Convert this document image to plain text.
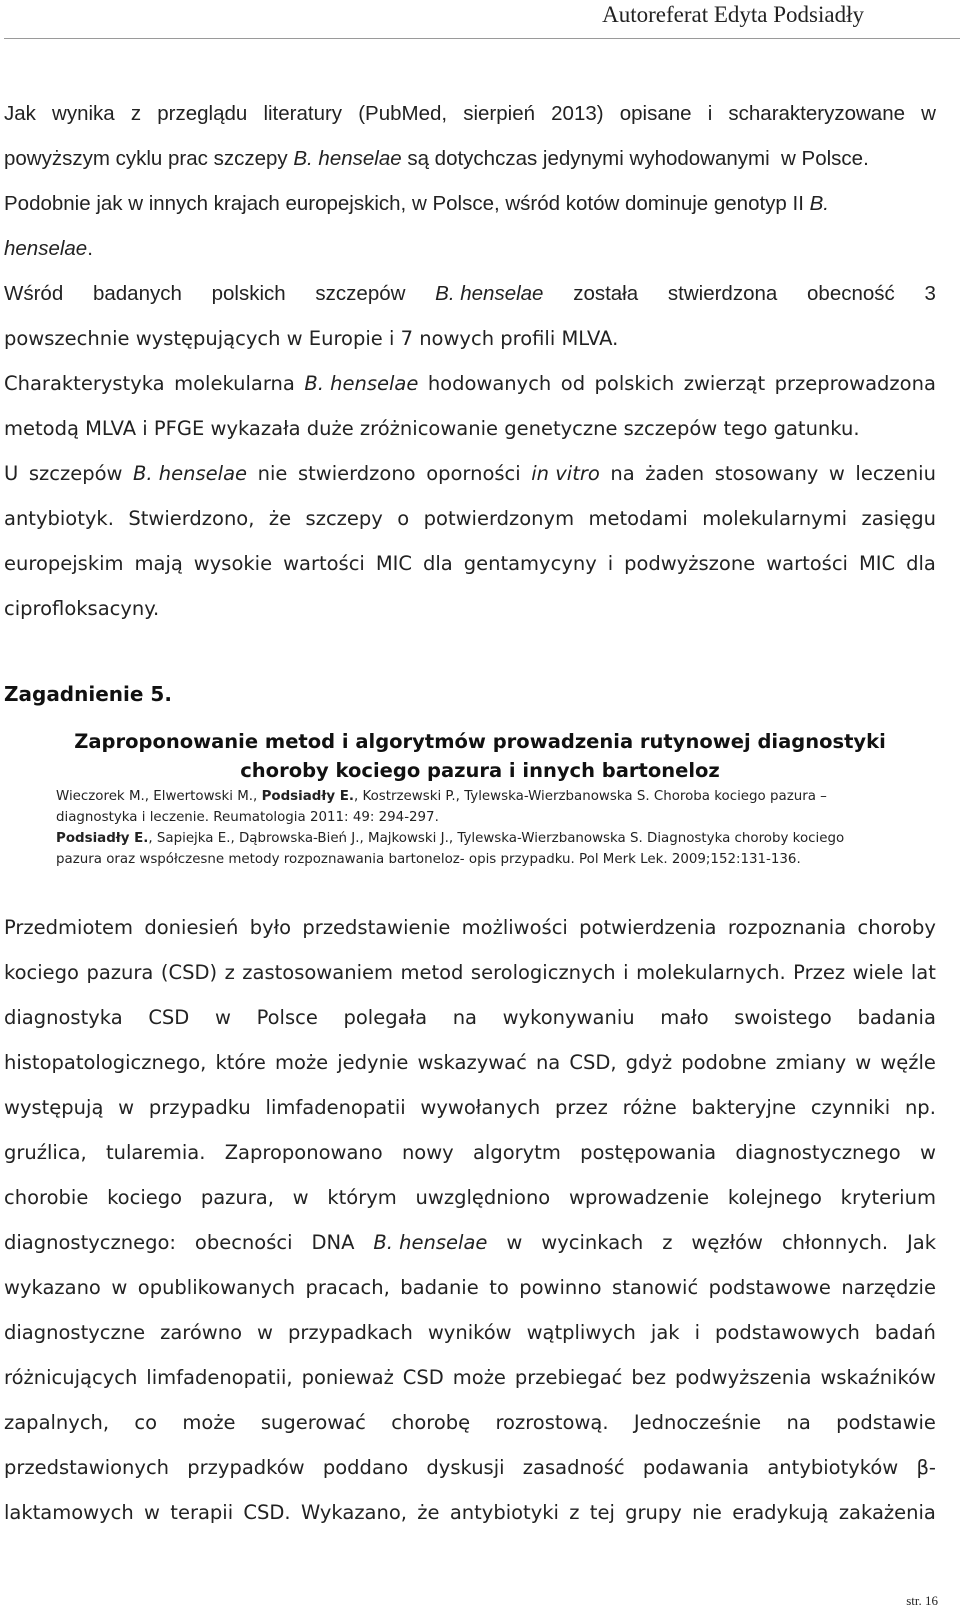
Autoreferat Edyta Podsiadły
Jak wynika z przeglądu literatury (PubMed, sierpień 2013) opisane i scharakteryzowane w
powyższym cyklu prac szczepy B. henselae są dotychczas jedynymi wyhodowanymi  w Polsce.
Podobnie jak w innych krajach europejskich, w Polsce, wśród kotów dominuje genotyp II B.
henselae .
Wśród badanych polskich szczepów B. henselae została stwierdzona obecność 3
powszechnie występujących w Europie i 7 nowych profili MLVA.
Charakterystyka molekularna B. henselae hodowanych od polskich zwierząt przeprowadzona
metodą MLVA i PFGE wykazała duże zróżnicowanie genetyczne szczepów tego gatunku.
U szczepów B. henselae nie stwierdzono oporności in vitro na żaden stosowany w leczeniu
antybiotyk. Stwierdzono, że szczepy o potwierdzonym metodami molekularnymi zasięgu
europejskim mają wysokie wartości MIC dla gentamycyny i podwyższone wartości MIC dla
ciprofloksacyny.
Zagadnienie 5.
Zaproponowanie metod i algorytmów prowadzenia rutynowej diagnostyki
choroby kociego pazura i innych bartoneloz
Wieczorek M., Elwertowski M., Podsiadły E., Kostrzewski P., Tylewska-Wierzbanowska S. Choroba kociego pazura –
diagnostyka i leczenie. Reumatologia 2011: 49: 294-297.
Podsiadły E., Sapiejka E., Dąbrowska-Bień J., Majkowski J., Tylewska-Wierzbanowska S. Diagnostyka choroby kociego
pazura oraz współczesne metody rozpoznawania bartoneloz- opis przypadku. Pol Merk Lek. 2009;152:131-136.
Przedmiotem doniesień było przedstawienie możliwości potwierdzenia rozpoznania choroby
kociego pazura (CSD) z zastosowaniem metod serologicznych i molekularnych. Przez wiele lat
diagnostyka CSD w Polsce polegała na wykonywaniu mało swoistego badania
histopatologicznego, które może jedynie wskazywać na CSD, gdyż podobne zmiany w węźle
występują w przypadku limfadenopatii wywołanych przez różne bakteryjne czynniki np.
gruźlica, tularemia. Zaproponowano nowy algorytm postępowania diagnostycznego w
chorobie kociego pazura, w którym uwzględniono wprowadzenie kolejnego kryterium
diagnostycznego: obecności DNA B. henselae w wycinkach z węzłów chłonnych. Jak
wykazano w opublikowanych pracach, badanie to powinno stanowić podstawowe narzędzie
diagnostyczne zarówno w przypadkach wyników wątpliwych jak i podstawowych badań
różnicujących limfadenopatii, ponieważ CSD może przebiegać bez podwyższenia wskaźników
zapalnych, co może sugerować chorobę rozrostową. Jednocześnie na podstawie
przedstawionych przypadków poddano dyskusji zasadność podawania antybiotyków β-
laktamowych w terapii CSD. Wykazano, że antybiotyki z tej grupy nie eradykują zakażenia
str. 16
